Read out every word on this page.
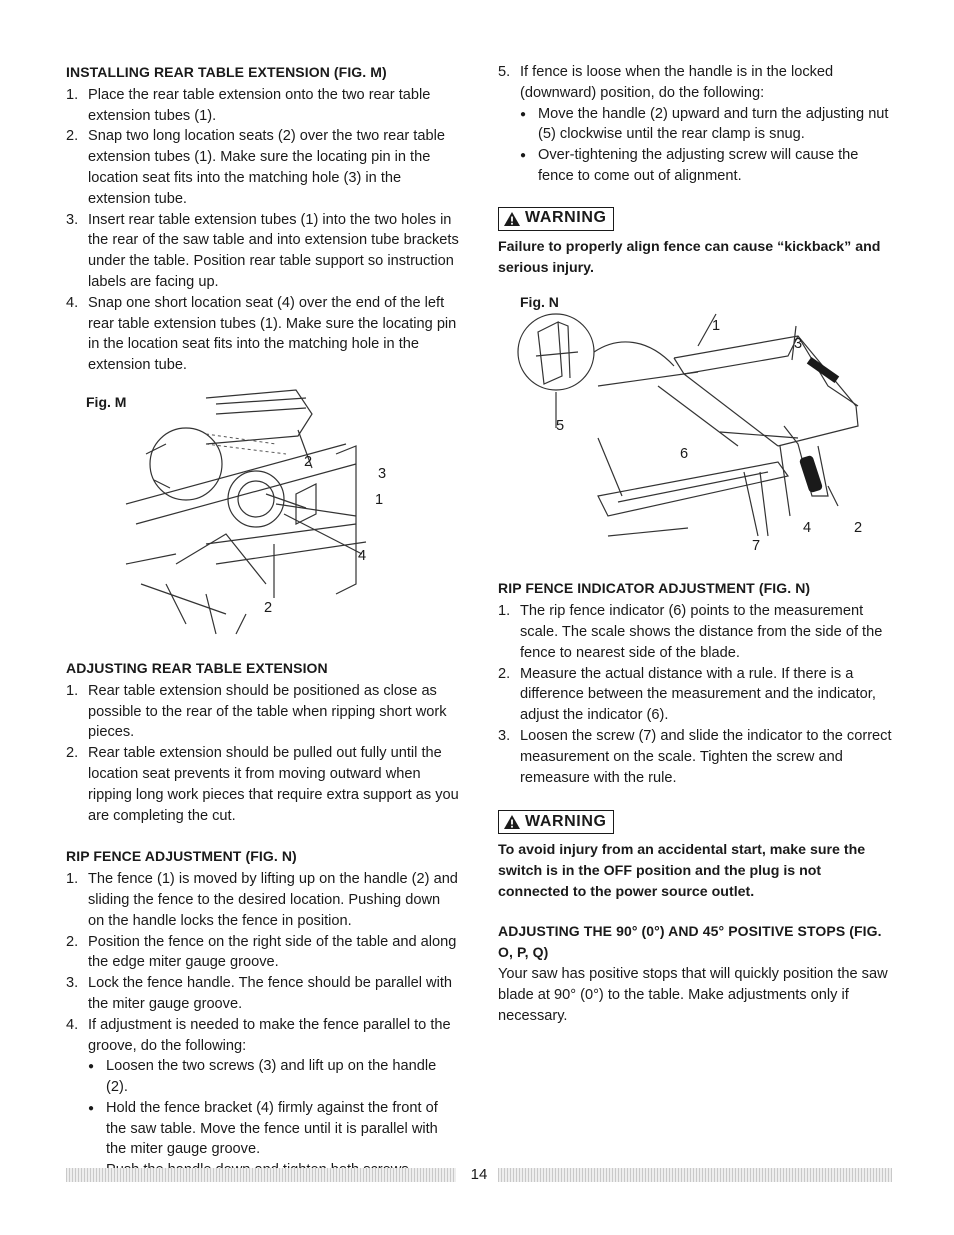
INSTALLING REAR TABLE EXTENSION (FIG. M)
1. Place the rear table extension onto the two rear table extension tubes (1).
2. Snap two long location seats (2) over the two rear table extension tubes (1). Make sure the locating pin in the location seat fits into the matching hole (3) in the extension tube.
3. Insert rear table extension tubes (1) into the two holes in the rear of the saw table and into extension tube brackets under the table. Position rear table support so instruction labels are facing up.
4. Snap one short location seat (4) over the end of the left rear table extension tubes (1). Make sure the locating pin in the location seat fits into the matching hole in the extension tube.
Fig. M
2
3
1
4
2
ADJUSTING REAR TABLE EXTENSION
1. Rear table extension should be positioned as close as possible to the rear of the table when ripping short work pieces.
2. Rear table extension should be pulled out fully until the location seat prevents it from moving outward when ripping long work pieces that require extra support as you are completing the cut.
RIP FENCE ADJUSTMENT (FIG. N)
1. The fence (1) is moved by lifting up on the handle (2) and sliding the fence to the desired location. Pushing down on the handle locks the fence in position.
2. Position the fence on the right side of the table and along the edge miter gauge groove.
3. Lock the fence handle. The fence should be parallel with the miter gauge groove.
4. If adjustment is needed to make the fence parallel to the groove, do the following:
● Loosen the two screws (3) and lift up on the handle (2).
● Hold the fence bracket (4) firmly against the front of the saw table. Move the fence until it is parallel with the miter gauge groove.
5. If fence is loose when the handle is in the locked (downward) position, do the following:
● Move the handle (2) upward and turn the adjusting nut (5) clockwise until the rear clamp is snug.
● Over-tightening the adjusting screw will cause the fence to come out of alignment.
WARNING

Failure to properly align fence can cause “kickback” and serious injury.

Fig. N
1
3
5
6
4	2
7
RIP FENCE INDICATOR ADJUSTMENT (FIG. N)
1. The rip fence indicator (6) points to the measurement scale. The scale shows the distance from the side of the fence to nearest side of the blade.
2. Measure the actual distance with a rule. If there is a difference between the measurement and the indicator, adjust the indicator (6).
3. Loosen the screw (7) and slide the indicator to the correct measurement on the scale. Tighten the screw and remeasure with the rule.
WARNING

To avoid injury from an accidental start, make sure the switch is in the OFF position and the plug is not connected to the power source outlet.

ADJUSTING THE 90° (0°) AND 45° POSITIVE STOPS (FIG. O, P, Q)

Your saw has positive stops that will quickly position the saw blade at 90° (0°) to the table. Make adjustments only if necessary.

14
